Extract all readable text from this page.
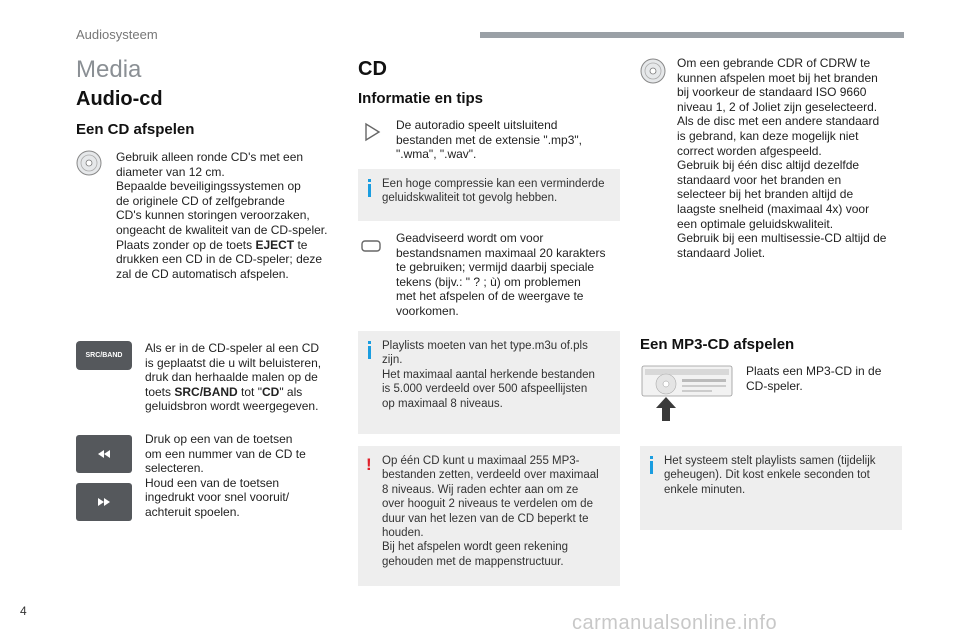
Audiosysteem
Media
Audio-cd
Een CD afspelen
Gebruik alleen ronde CD's met een
diameter van 12 cm.
Bepaalde beveiligingssystemen op
de originele CD of zelfgebrande
CD's kunnen storingen veroorzaken,
ongeacht de kwaliteit van de CD-speler.
Plaats zonder op de toets EJECT te
drukken een CD in de CD-speler; deze
zal de CD automatisch afspelen.
SRC/BAND
Als er in de CD-speler al een CD
is geplaatst die u wilt beluisteren,
druk dan herhaalde malen op de
toets SRC/BAND tot "CD" als
geluidsbron wordt weergegeven.
Druk op een van de toetsen
om een nummer van de CD te
selecteren.
Houd een van de toetsen
ingedrukt voor snel vooruit/
achteruit spoelen.
CD
Informatie en tips
De autoradio speelt uitsluitend
bestanden met de extensie ".mp3",
".wma", ".wav".
Een hoge compressie kan een verminderde
geluidskwaliteit tot gevolg hebben.
Geadviseerd wordt om voor
bestandsnamen maximaal 20 karakters
te gebruiken; vermijd daarbij speciale
tekens (bijv.: " ? ; ù) om problemen
met het afspelen of de weergave te
voorkomen.
Playlists moeten van het type.m3u of.pls
zijn.
Het maximaal aantal herkende bestanden
is 5.000 verdeeld over 500 afspeellijsten
op maximaal 8 niveaus.
! Op één CD kunt u maximaal 255 MP3-
bestanden zetten, verdeeld over maximaal
8 niveaus. Wij raden echter aan om ze
over hooguit 2 niveaus te verdelen om de
duur van het lezen van de CD beperkt te
houden.
Bij het afspelen wordt geen rekening
gehouden met de mappenstructuur.
Om een gebrande CDR of CDRW te
kunnen afspelen moet bij het branden
bij voorkeur de standaard ISO 9660
niveau 1, 2 of Joliet zijn geselecteerd.
Als de disc met een andere standaard
is gebrand, kan deze mogelijk niet
correct worden afgespeeld.
Gebruik bij één disc altijd dezelfde
standaard voor het branden en
selecteer bij het branden altijd de
laagste snelheid (maximaal 4x) voor
een optimale geluidskwaliteit.
Gebruik bij een multisessie-CD altijd de
standaard Joliet.
Een MP3-CD afspelen
Plaats een MP3-CD in de
CD-speler.
Het systeem stelt playlists samen (tijdelijk
geheugen). Dit kost enkele seconden tot
enkele minuten.
4
carmanualsonline.info
